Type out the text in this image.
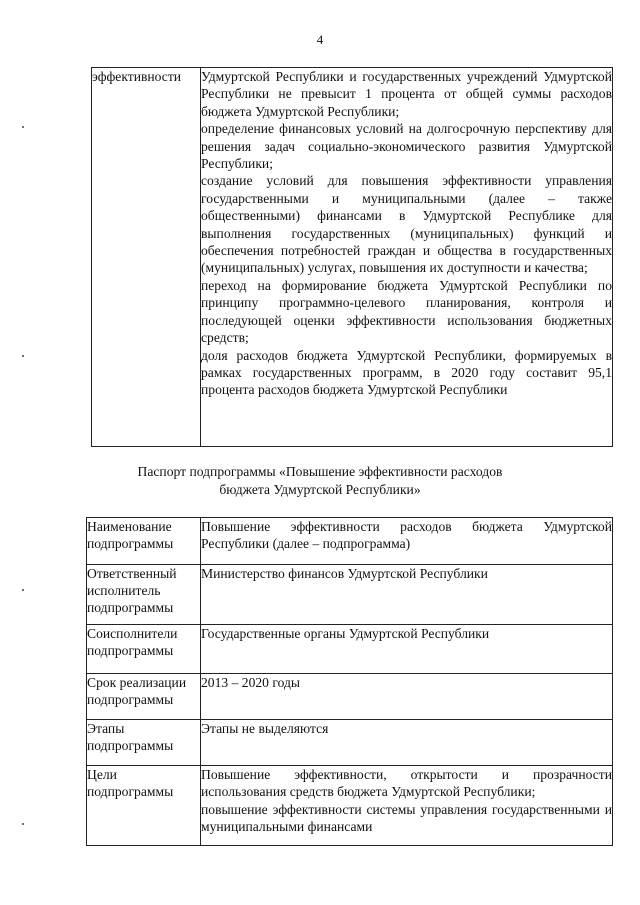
4
эффективности	Удмуртской Республики и государственных учреждений Удмуртской Республики не превысит 1 процента от общей суммы расходов бюджета Удмуртской Республики;

определение финансовых условий на долгосрочную перспективу для решения задач социально-экономического развития Удмуртской Республики;

создание условий для повышения эффективности управления государственными и муниципальными (далее – также общественными) финансами в Удмуртской Республике для выполнения государственных (муниципальных) функций и обеспечения потребностей граждан и общества в государственных (муниципальных) услугах, повышения их доступности и качества;

переход на формирование бюджета Удмуртской Республики по принципу программно-целевого планирования, контроля и последующей оценки эффективности использования бюджетных средств;

доля расходов бюджета Удмуртской Республики, формируемых в рамках государственных программ, в 2020 году составит 95,1 процента расходов бюджета Удмуртской Республики

Паспорт подпрограммы «Повышение эффективности расходов
бюджета Удмуртской Республики»
Наименование подпрограммы	Повышение эффективности расходов бюджета Удмуртской Республики (далее – подпрограмма)

Ответственный исполнитель подпрограммы	Министерство финансов Удмуртской Республики

Соисполнители подпрограммы	Государственные органы Удмуртской Республики

Срок реализации подпрограммы	2013 – 2020 годы

Этапы подпрограммы	Этапы не выделяются

Цели подпрограммы	Повышение эффективности, открытости и прозрачности использования средств бюджета Удмуртской Республики;

повышение эффективности системы управления государственными и муниципальными финансами
